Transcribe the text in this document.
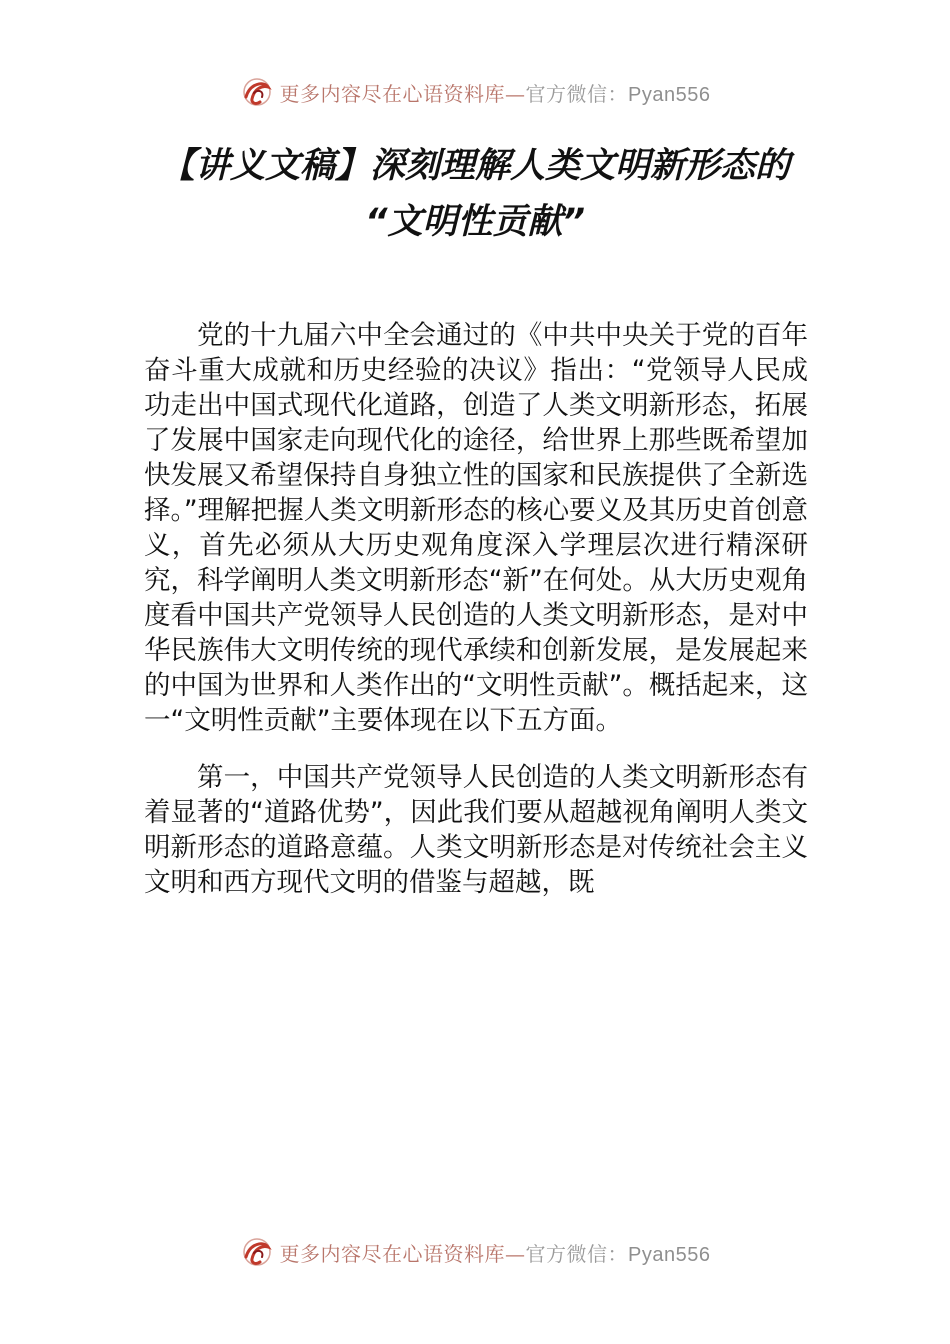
更多内容尽在心语资料库—官方微信：Pyan556
【讲义文稿】深刻理解人类文明新形态的
“文明性贡献”

党的十九届六中全会通过的《中共中央关于党的百年奋斗重大成就和历史经验的决议》指出：“党领导人民成功走出中国式现代化道路，创造了人类文明新形态，拓展了发展中国家走向现代化的途径，给世界上那些既希望加快发展又希望保持自身独立性的国家和民族提供了全新选择。”理解把握人类文明新形态的核心要义及其历史首创意义，首先必须从大历史观角度深入学理层次进行精深研究，科学阐明人类文明新形态“新”在何处。从大历史观角度看中国共产党领导人民创造的人类文明新形态，是对中华民族伟大文明传统的现代承续和创新发展，是发展起来的中国为世界和人类作出的“文明性贡献”。概括起来，这一“文明性贡献”主要体现在以下五方面。

第一，中国共产党领导人民创造的人类文明新形态有着显著的“道路优势”，因此我们要从超越视角阐明人类文明新形态的道路意蕴。人类文明新形态是对传统社会主义文明和西方现代文明的借鉴与超越，既

更多内容尽在心语资料库—官方微信：Pyan556
